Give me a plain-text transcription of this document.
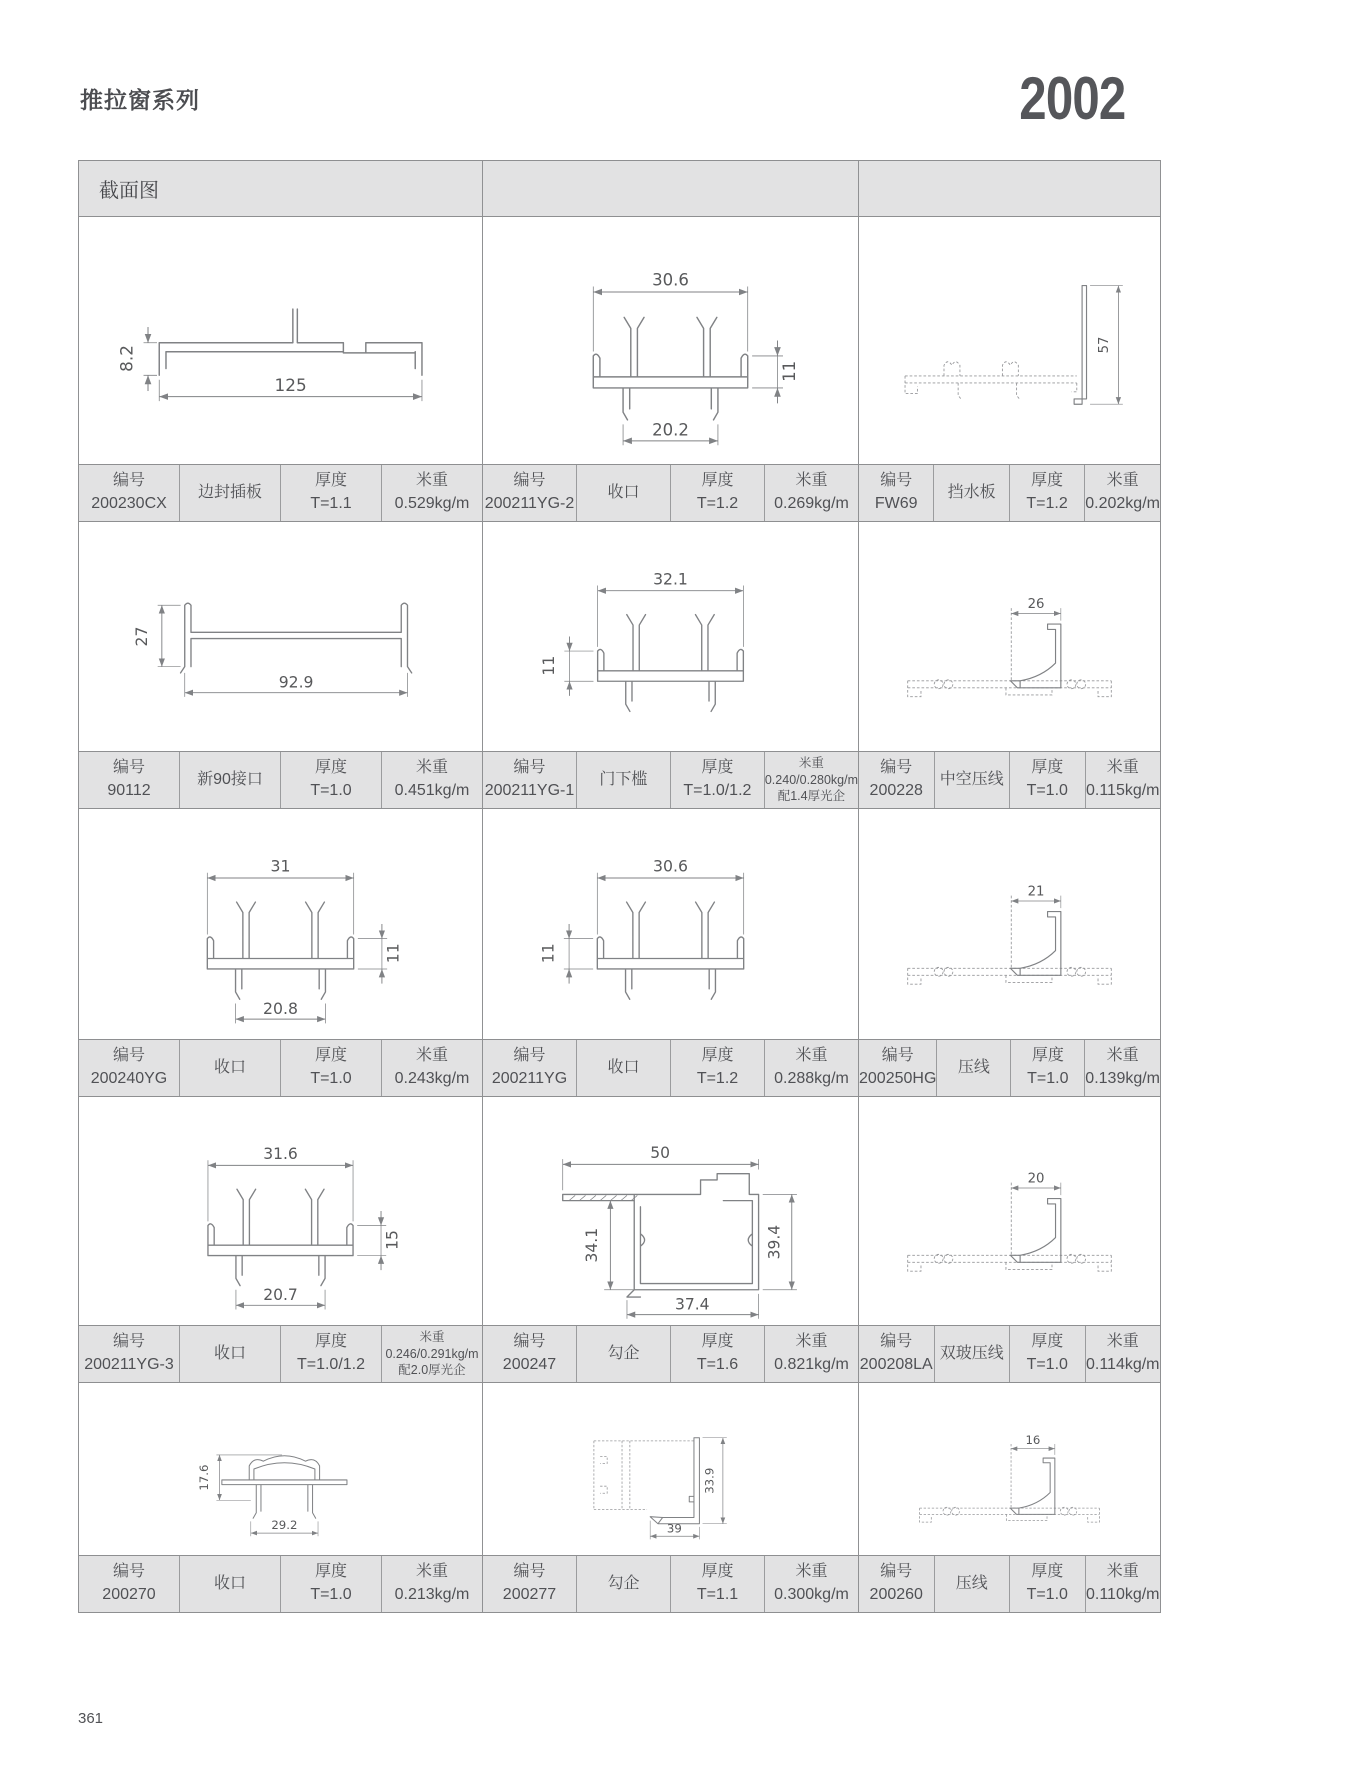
推拉窗系列	2002
截面图
8.2
125
30.6
11
20.2
57
编号
200230CX
边封插板
厚度
T=1.1
米重
0.529kg/m
编号
200211YG-2
收口
厚度
T=1.2
米重
0.269kg/m
编号
FW69
挡水板
厚度
T=1.2
米重
0.202kg/m
27
92.9
32.1
11
26
编号
90112
新90接口
厚度
T=1.0
米重
0.451kg/m
编号
200211YG-1
门下槛
厚度
T=1.0/1.2
米重
0.240/0.280kg/m
配1.4厚光企
编号
200228
中空压线
厚度
T=1.0
米重
0.115kg/m
31
11
20.8
30.6
11
21
编号
200240YG
收口
厚度
T=1.0
米重
0.243kg/m
编号
200211YG
收口
厚度
T=1.2
米重
0.288kg/m
编号
200250HG
压线
厚度
T=1.0
米重
0.139kg/m
31.6
15
20.7
50
34.1	39.4
37.4
20
编号
200211YG-3
收口
厚度
T=1.0/1.2
米重
0.246/0.291kg/m
配2.0厚光企
编号
200247
勾企
厚度
T=1.6
米重
0.821kg/m
编号
200208LA
双玻压线
厚度
T=1.0
米重
0.114kg/m
17.6
29.2
33.9
39
16
编号
200270
收口
厚度
T=1.0
米重
0.213kg/m
编号
200277
勾企
厚度
T=1.1
米重
0.300kg/m
编号
200260
压线
厚度
T=1.0
米重
0.110kg/m
361
